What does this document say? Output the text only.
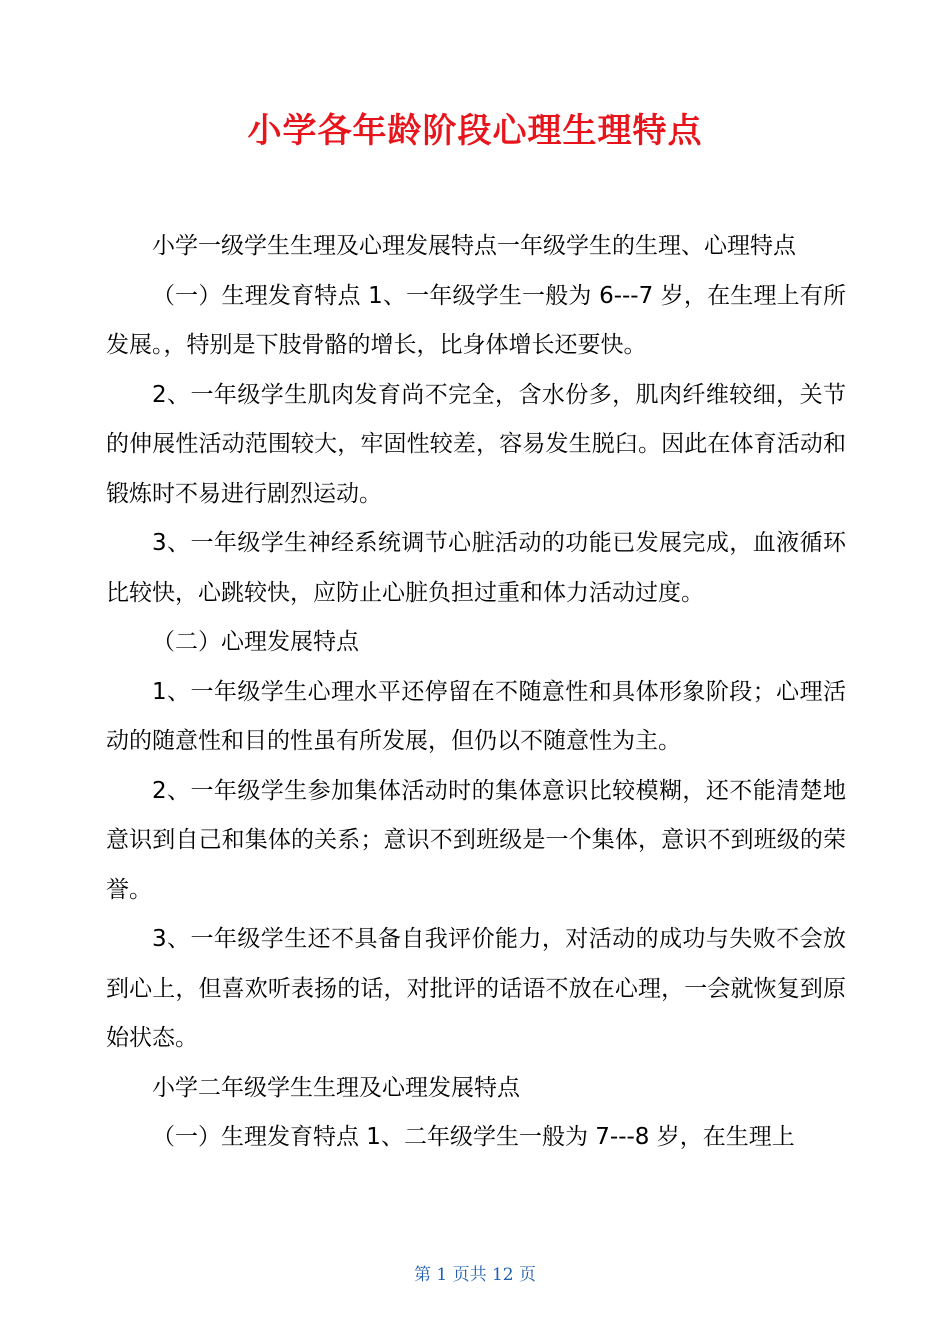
小学各年龄阶段心理生理特点

小学一级学生生理及心理发展特点一年级学生的生理、心理特点

（一）生理发育特点 1、一年级学生一般为 6---7 岁，在生理上有所发展。，特别是下肢骨骼的增长，比身体增长还要快。

2、一年级学生肌肉发育尚不完全，含水份多，肌肉纤维较细，关节的伸展性活动范围较大，牢固性较差，容易发生脱臼。因此在体育活动和锻炼时不易进行剧烈运动。

3、一年级学生神经系统调节心脏活动的功能已发展完成，血液循环比较快，心跳较快，应防止心脏负担过重和体力活动过度。

（二）心理发展特点

1、一年级学生心理水平还停留在不随意性和具体形象阶段；心理活动的随意性和目的性虽有所发展，但仍以不随意性为主。

2、一年级学生参加集体活动时的集体意识比较模糊，还不能清楚地意识到自己和集体的关系；意识不到班级是一个集体，意识不到班级的荣誉。

3、一年级学生还不具备自我评价能力，对活动的成功与失败不会放到心上，但喜欢听表扬的话，对批评的话语不放在心理，一会就恢复到原始状态。

小学二年级学生生理及心理发展特点

（一）生理发育特点 1、二年级学生一般为 7---8 岁，在生理上

第 1 页共 12 页
